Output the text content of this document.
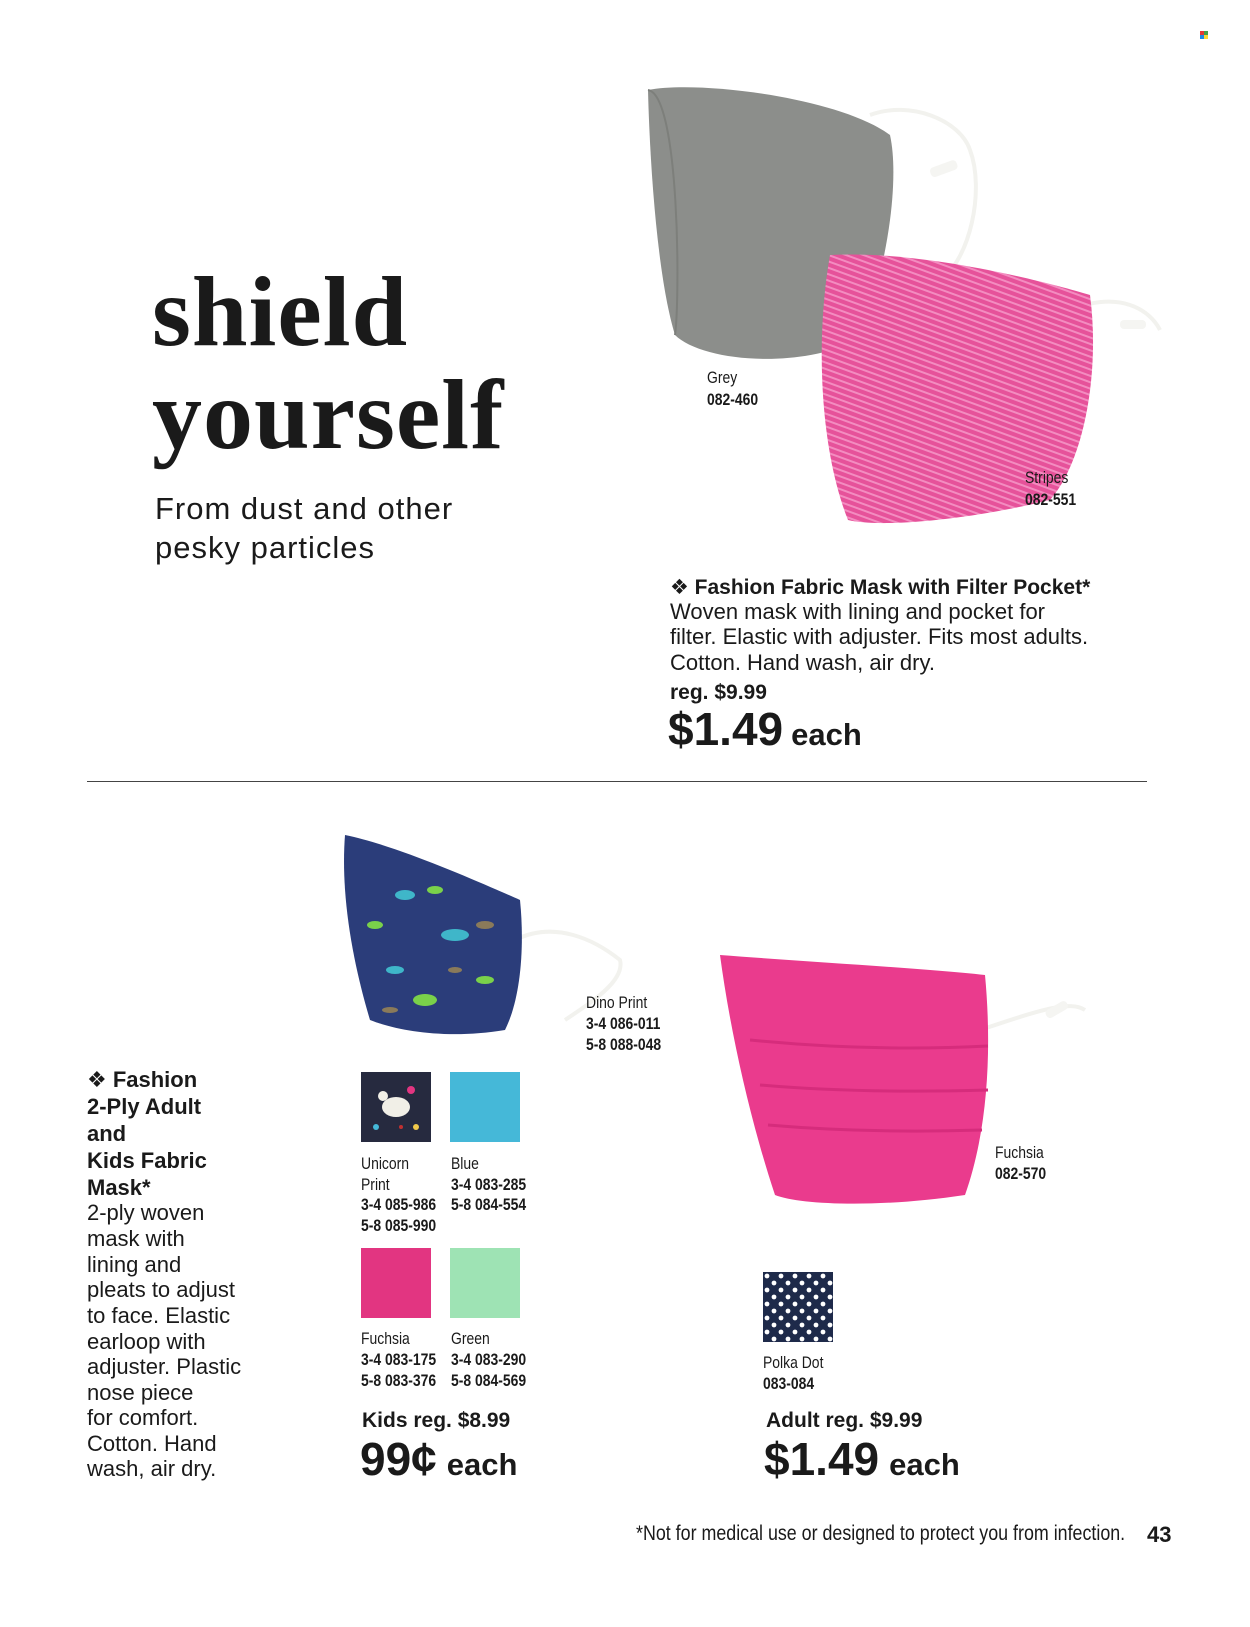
shield
yourself
From dust and other
pesky particles
Grey
082-460
Stripes
082-551
❖ Fashion Fabric Mask with Filter Pocket*
Woven mask with lining and pocket for
filter. Elastic with adjuster. Fits most adults.
Cotton. Hand wash, air dry.
reg. $9.99
$1.49 each
Dino Print
3-4 086-011
5-8 088-048
Fuchsia
082-570
❖ Fashion
2-Ply Adult
and
Kids Fabric
Mask*
2-ply woven
mask with
lining and
pleats to adjust
to face. Elastic
earloop with
adjuster. Plastic
nose piece
for comfort.
Cotton. Hand
wash, air dry.
Unicorn
Print
3-4 085-986
5-8 085-990
Blue
3-4 083-285
5-8 084-554
Fuchsia
3-4 083-175
5-8 083-376
Green
3-4 083-290
5-8 084-569
Polka Dot
083-084
Kids reg. $8.99
99¢ each
Adult reg. $9.99
$1.49 each
*Not for medical use or designed to protect you from infection. 43
